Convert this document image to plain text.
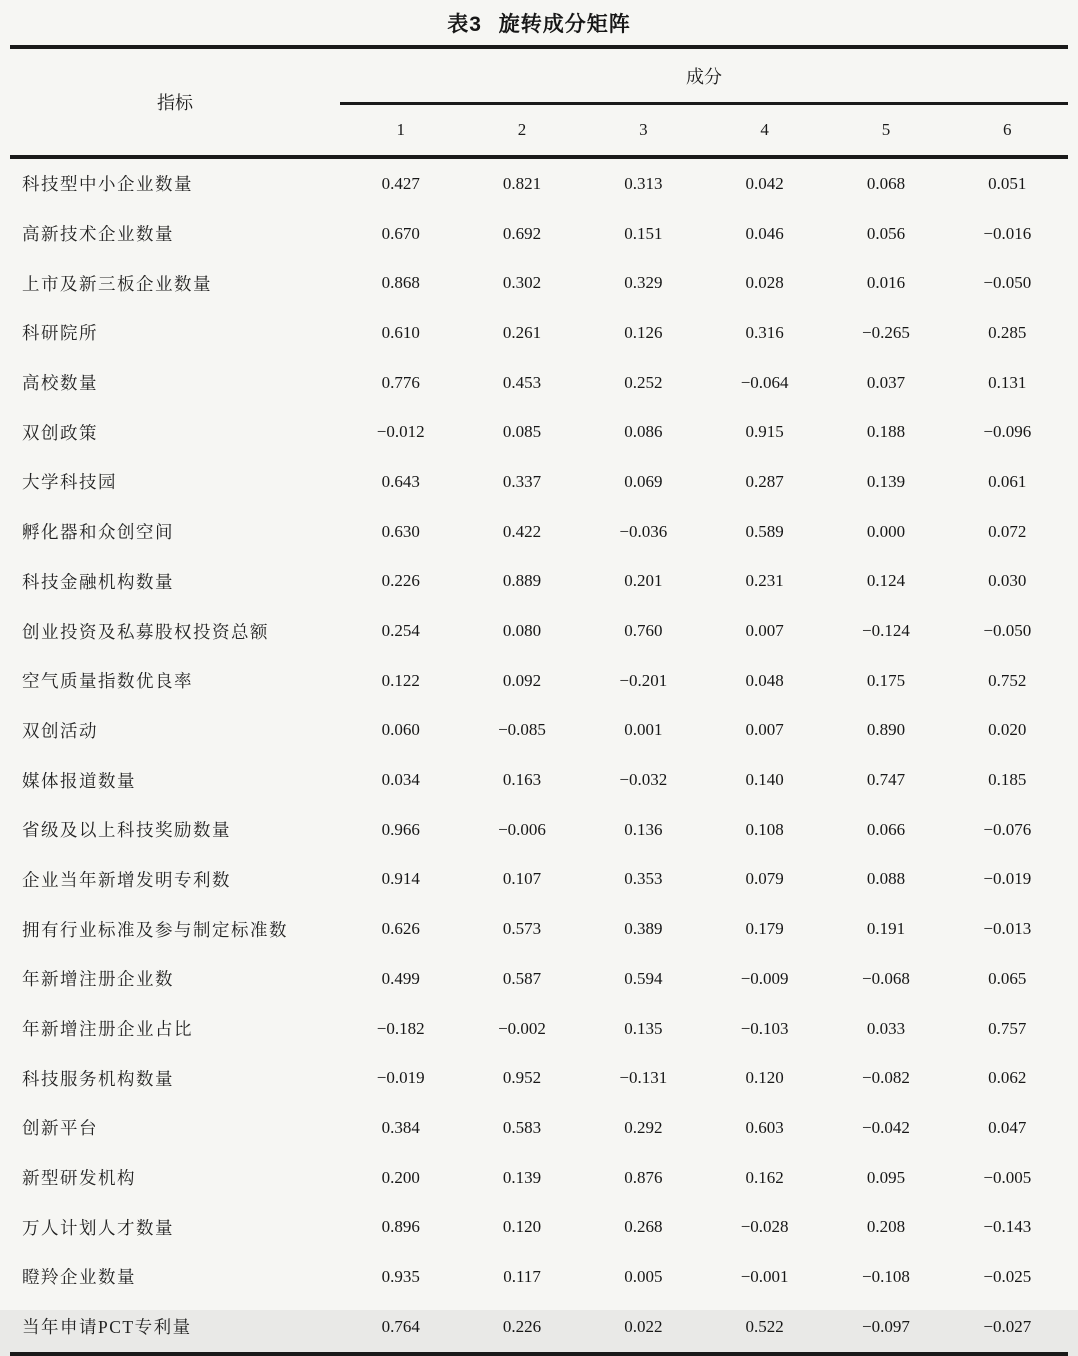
表3 旋转成分矩阵
指标	成分					
	1	2	3	4	5	6
科技型中小企业数量	0.427	0.821	0.313	0.042	0.068	0.051
高新技术企业数量	0.670	0.692	0.151	0.046	0.056	−0.016
上市及新三板企业数量	0.868	0.302	0.329	0.028	0.016	−0.050
科研院所	0.610	0.261	0.126	0.316	−0.265	0.285
高校数量	0.776	0.453	0.252	−0.064	0.037	0.131
双创政策	−0.012	0.085	0.086	0.915	0.188	−0.096
大学科技园	0.643	0.337	0.069	0.287	0.139	0.061
孵化器和众创空间	0.630	0.422	−0.036	0.589	0.000	0.072
科技金融机构数量	0.226	0.889	0.201	0.231	0.124	0.030
创业投资及私募股权投资总额	0.254	0.080	0.760	0.007	−0.124	−0.050
空气质量指数优良率	0.122	0.092	−0.201	0.048	0.175	0.752
双创活动	0.060	−0.085	0.001	0.007	0.890	0.020
媒体报道数量	0.034	0.163	−0.032	0.140	0.747	0.185
省级及以上科技奖励数量	0.966	−0.006	0.136	0.108	0.066	−0.076
企业当年新增发明专利数	0.914	0.107	0.353	0.079	0.088	−0.019
拥有行业标准及参与制定标准数	0.626	0.573	0.389	0.179	0.191	−0.013
年新增注册企业数	0.499	0.587	0.594	−0.009	−0.068	0.065
年新增注册企业占比	−0.182	−0.002	0.135	−0.103	0.033	0.757
科技服务机构数量	−0.019	0.952	−0.131	0.120	−0.082	0.062
创新平台	0.384	0.583	0.292	0.603	−0.042	0.047
新型研发机构	0.200	0.139	0.876	0.162	0.095	−0.005
万人计划人才数量	0.896	0.120	0.268	−0.028	0.208	−0.143
瞪羚企业数量	0.935	0.117	0.005	−0.001	−0.108	−0.025
当年申请PCT专利量	0.764	0.226	0.022	0.522	−0.097	−0.027
